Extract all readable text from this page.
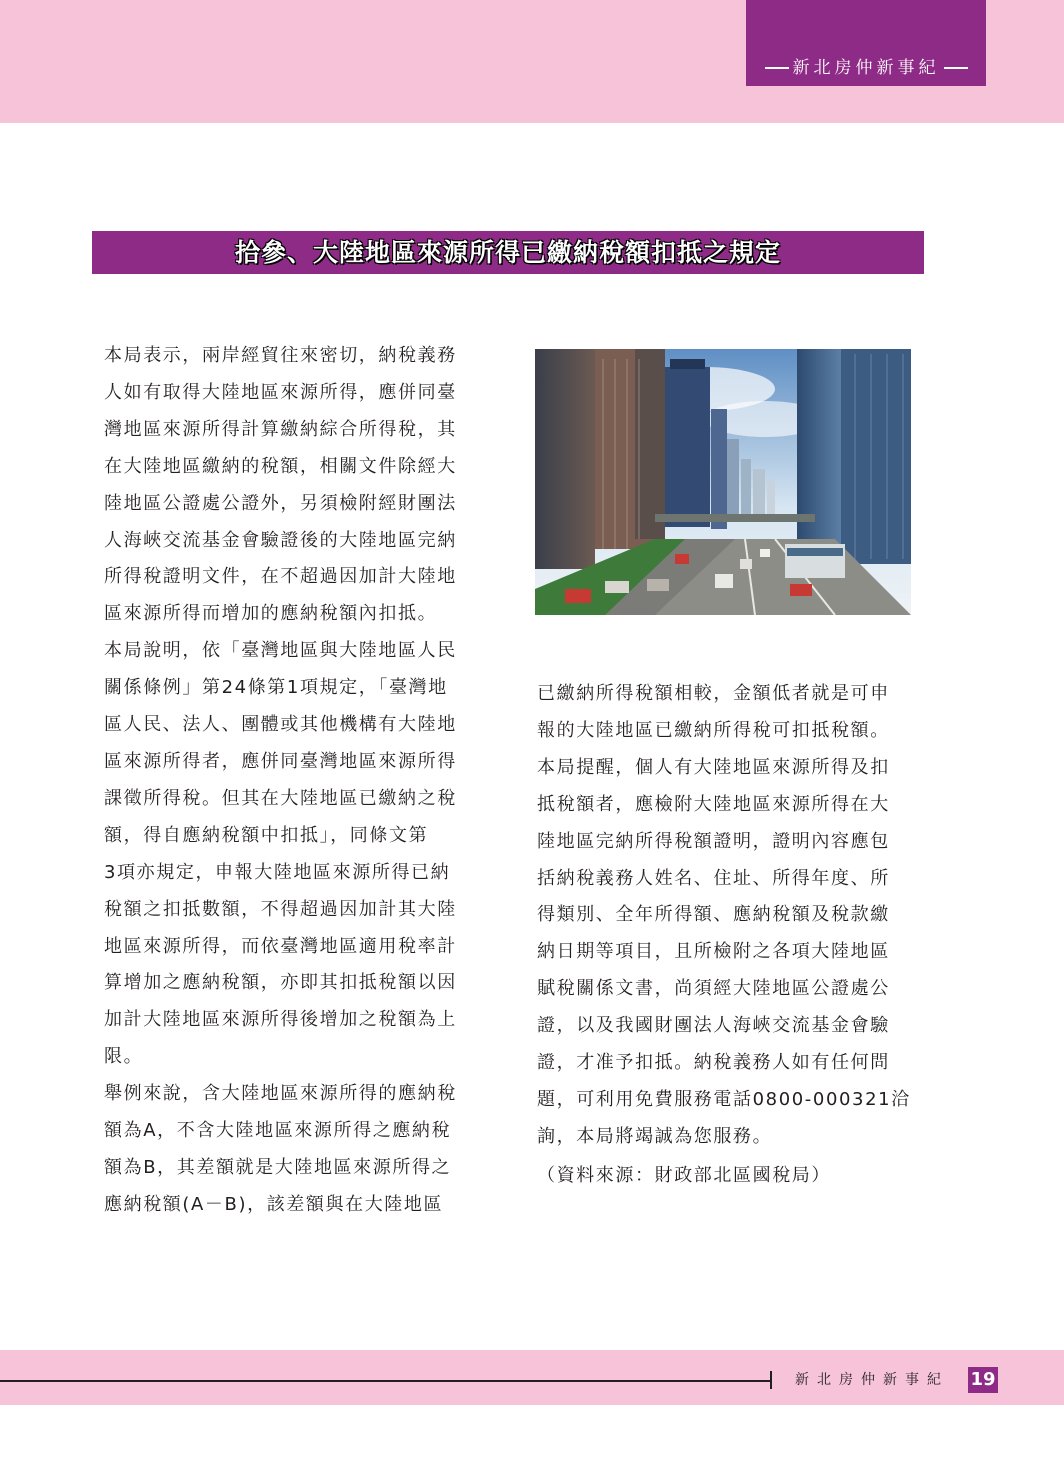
新北房仲新事紀
拾參、大陸地區來源所得已繳納稅額扣抵之規定
本局表示，兩岸經貿往來密切，納稅義務
人如有取得大陸地區來源所得，應併同臺
灣地區來源所得計算繳納綜合所得稅，其
在大陸地區繳納的稅額，相關文件除經大
陸地區公證處公證外，另須檢附經財團法
人海峽交流基金會驗證後的大陸地區完納
所得稅證明文件，在不超過因加計大陸地
區來源所得而增加的應納稅額內扣抵。
本局說明，依「臺灣地區與大陸地區人民
關係條例」第24條第1項規定，「臺灣地
區人民、法人、團體或其他機構有大陸地
區來源所得者，應併同臺灣地區來源所得
課徵所得稅。但其在大陸地區已繳納之稅
額，得自應納稅額中扣抵」，同條文第
3項亦規定，申報大陸地區來源所得已納
稅額之扣抵數額，不得超過因加計其大陸
地區來源所得，而依臺灣地區適用稅率計
算增加之應納稅額，亦即其扣抵稅額以因
加計大陸地區來源所得後增加之稅額為上
限。
舉例來說，含大陸地區來源所得的應納稅
額為A，不含大陸地區來源所得之應納稅
額為B，其差額就是大陸地區來源所得之
應納稅額(A－B)，該差額與在大陸地區
已繳納所得稅額相較，金額低者就是可申
報的大陸地區已繳納所得稅可扣抵稅額。
本局提醒，個人有大陸地區來源所得及扣
抵稅額者，應檢附大陸地區來源所得在大
陸地區完納所得稅額證明，證明內容應包
括納稅義務人姓名、住址、所得年度、所
得類別、全年所得額、應納稅額及稅款繳
納日期等項目，且所檢附之各項大陸地區
賦稅關係文書，尚須經大陸地區公證處公
證，以及我國財團法人海峽交流基金會驗
證，才准予扣抵。納稅義務人如有任何問
題，可利用免費服務電話0800-000321洽
詢，本局將竭誠為您服務。
（資料來源：財政部北區國稅局）
新北房仲新事紀 19
